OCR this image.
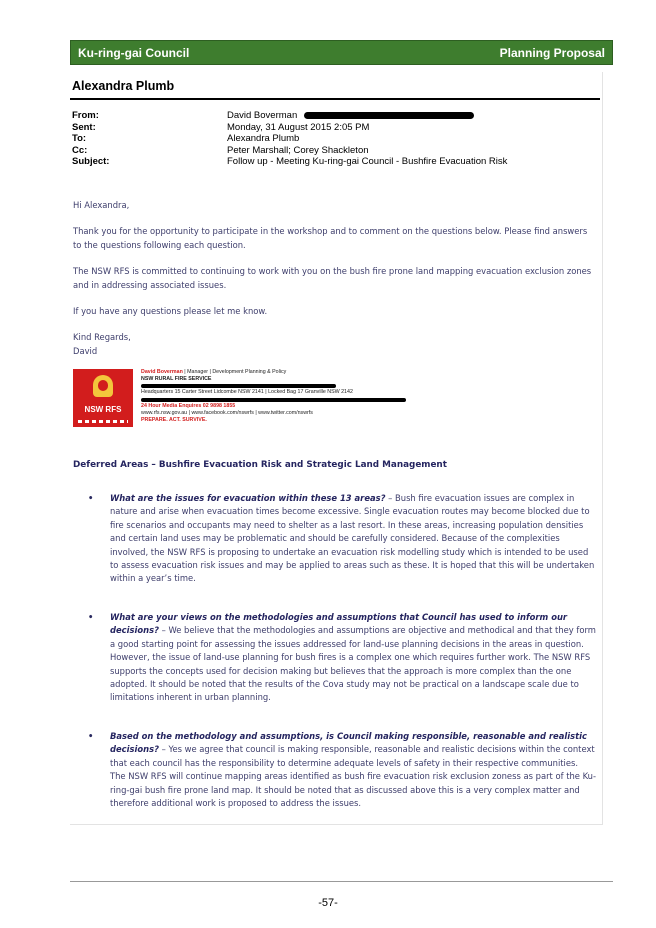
Ku-ring-gai Council	Planning Proposal
Alexandra Plumb
From:	David Boverman
Sent:	Monday, 31 August 2015 2:05 PM
To:	Alexandra Plumb
Cc:	Peter Marshall; Corey Shackleton
Subject:	Follow up - Meeting Ku-ring-gai Council - Bushfire Evacuation Risk

Hi Alexandra,

Thank you for the opportunity to participate in the workshop and to comment on the questions below. Please find answers to the questions following each question.

The NSW RFS is committed to continuing to work with you on the bush fire prone land mapping evacuation exclusion zones and in addressing associated issues.

If you have any questions please let me know.

Kind Regards,

David

NSW RFS
David Boverman | Manager | Development Planning & Policy
NSW RURAL FIRE SERVICE
Headquarters 15 Carter Street Lidcombe NSW 2141 | Locked Bag 17 Granville NSW 2142
24 Hour Media Enquires 02 9898 1855
www.rfs.nsw.gov.au | www.facebook.com/nswrfs | www.twitter.com/nswrfs
PREPARE. ACT. SURVIVE.
Deferred Areas – Bushfire Evacuation Risk and Strategic Land Management
• What are the issues for evacuation within these 13 areas? – Bush fire evacuation issues are complex in nature and arise when evacuation times become excessive. Single evacuation routes may become blocked due to fire scenarios and occupants may need to shelter as a last resort. In these areas, increasing population densities and certain land uses may be problematic and should be carefully considered. Because of the complexities involved, the NSW RFS is proposing to undertake an evacuation risk modelling study which is intended to be used to assess evacuation risk issues and may be applied to areas such as these. It is hoped that this will be undertaken within a year’s time.
• What are your views on the methodologies and assumptions that Council has used to inform our decisions? – We believe that the methodologies and assumptions are objective and methodical and that they form a good starting point for assessing the issues addressed for land-use planning decisions in the areas in question. However, the issue of land-use planning for bush fires is a complex one which requires further work. The NSW RFS supports the concepts used for decision making but believes that the approach is more complex than the one adopted. It should be noted that the results of the Cova study may not be practical on a landscape scale due to limitations inherent in urban planning.
• Based on the methodology and assumptions, is Council making responsible, reasonable and realistic decisions? – Yes we agree that council is making responsible, reasonable and realistic decisions within the context that each council has the responsibility to determine adequate levels of safety in their respective communities. The NSW RFS will continue mapping areas identified as bush fire evacuation risk exclusion zoness as part of the Ku-ring-gai bush fire prone land map. It should be noted that as discussed above this is a very complex matter and therefore additional work is proposed to address the issues.
-57-
